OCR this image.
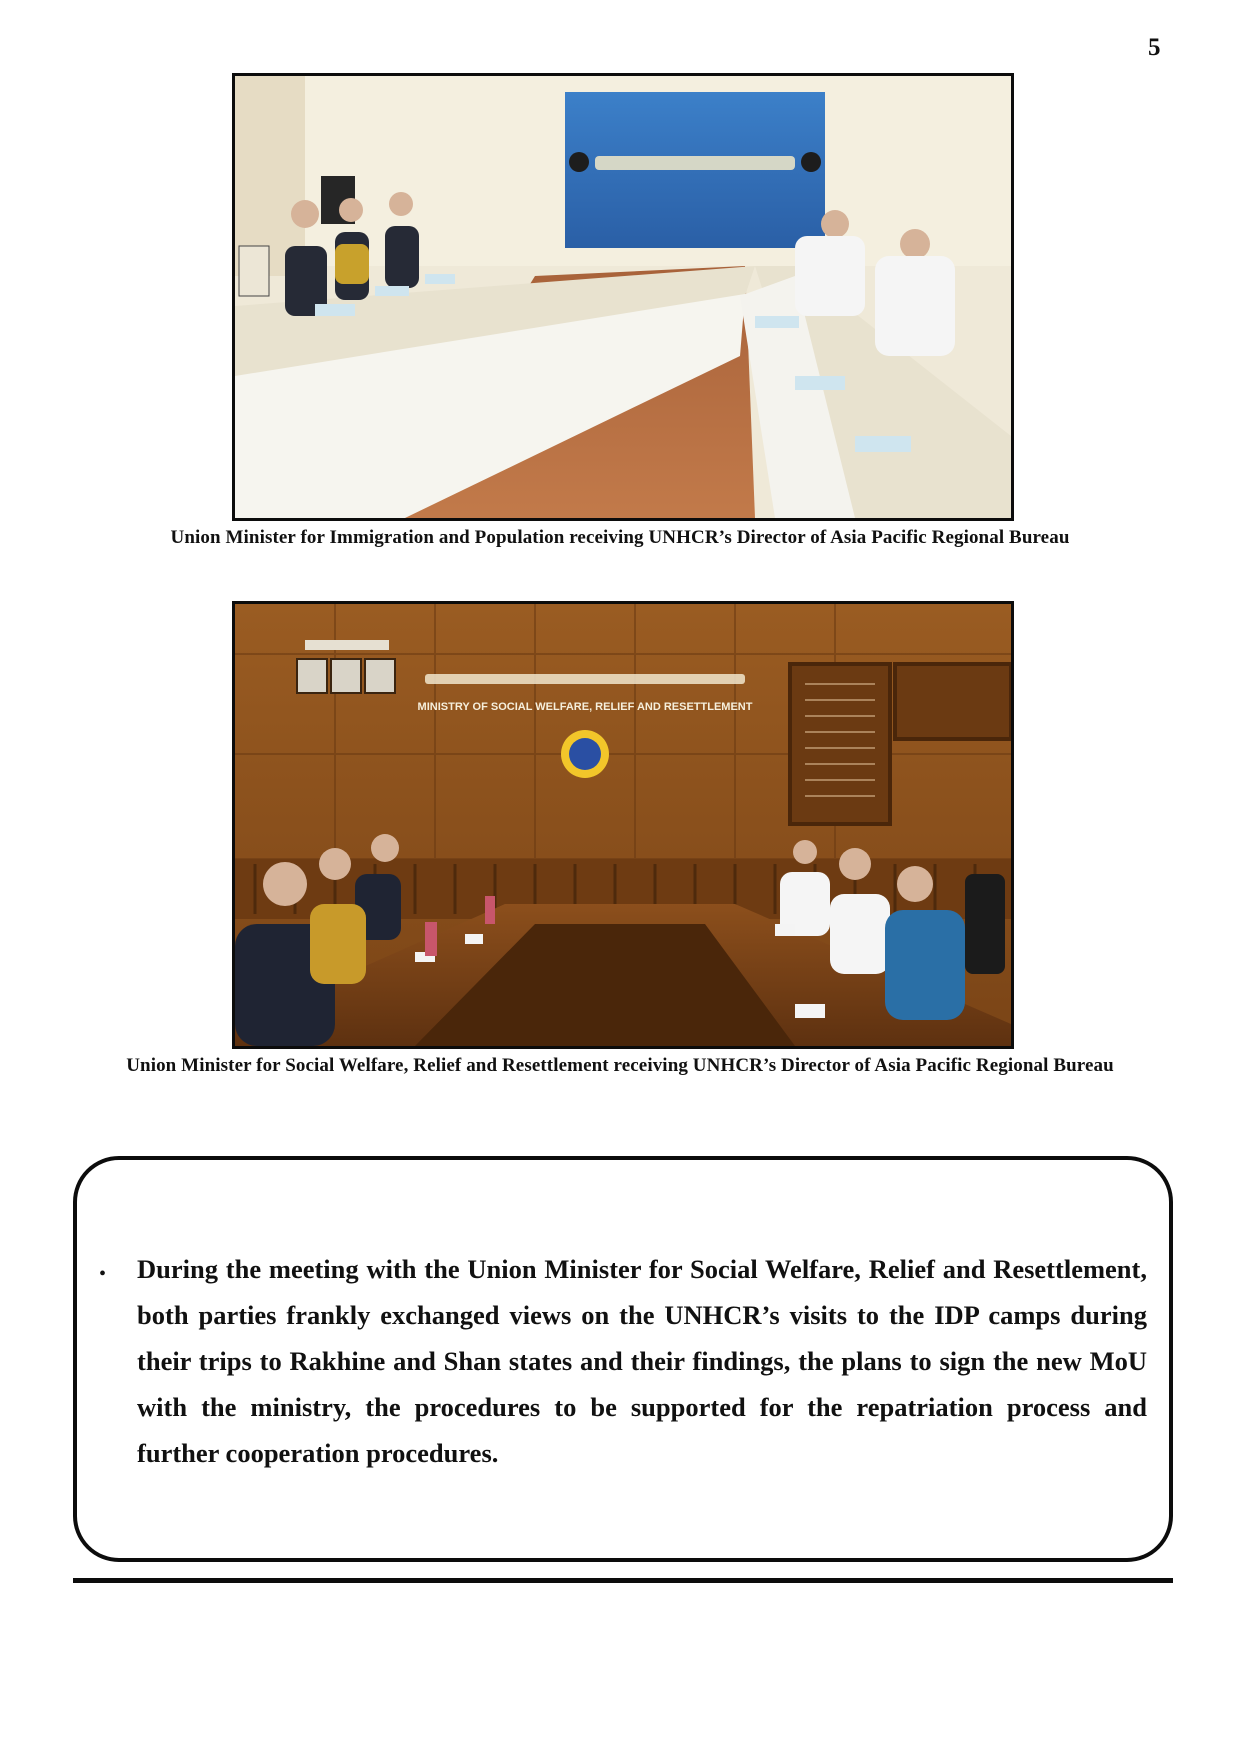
5
Union Minister for Immigration and Population receiving UNHCR’s Director of Asia Pacific Regional Bureau
MINISTRY OF SOCIAL WELFARE, RELIEF AND RESETTLEMENT
Union Minister for Social Welfare, Relief and Resettlement receiving UNHCR’s Director of Asia Pacific Regional Bureau
• During the meeting with the Union Minister for Social Welfare, Relief and Resettlement, both parties frankly exchanged views on the UNHCR’s visits to the IDP camps during their trips to Rakhine and Shan states and their findings, the plans to sign the new MoU with the ministry, the procedures to be supported for the repatriation process and further cooperation procedures.
